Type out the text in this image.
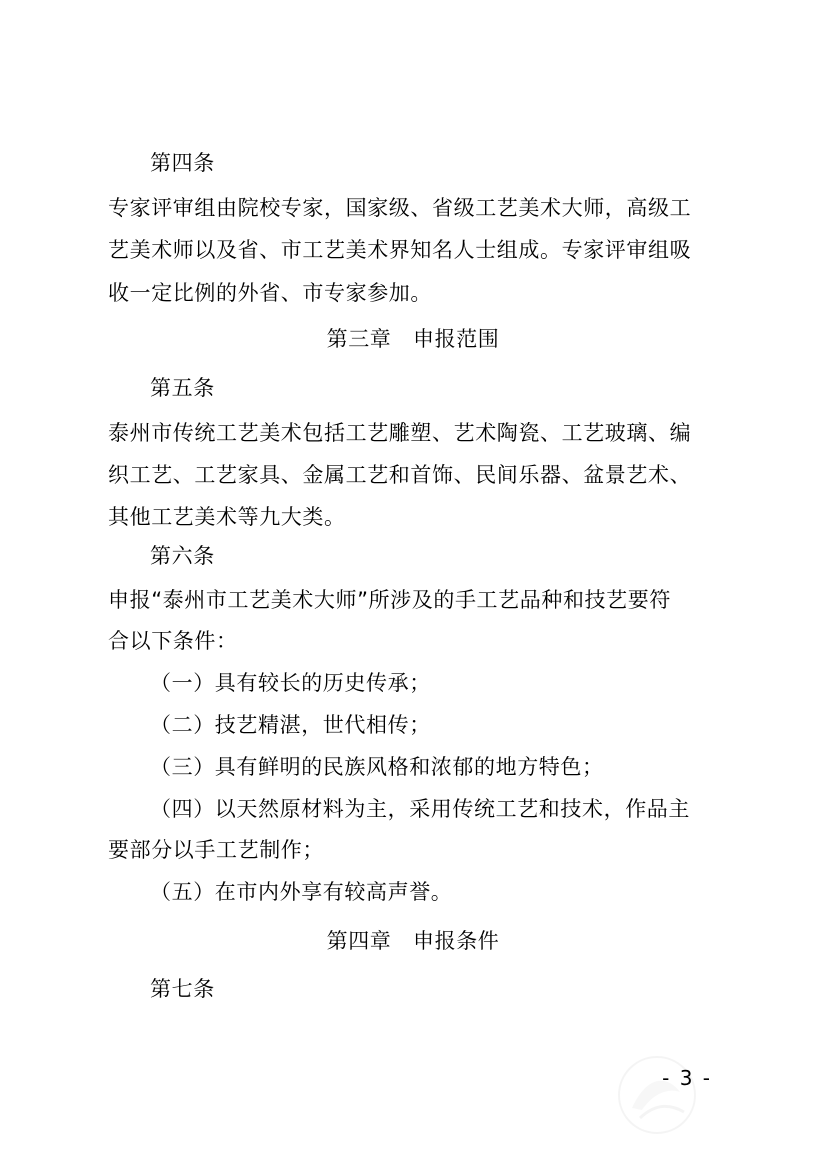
第四条
专家评审组由院校专家，国家级、省级工艺美术大师，高级工
艺美术师以及省、市工艺美术界知名人士组成。专家评审组吸
收一定比例的外省、市专家参加。
第三章　申报范围
第五条
泰州市传统工艺美术包括工艺雕塑、艺术陶瓷、工艺玻璃、编
织工艺、工艺家具、金属工艺和首饰、民间乐器、盆景艺术、
其他工艺美术等九大类。
第六条
申报“泰州市工艺美术大师”所涉及的手工艺品种和技艺要符
合以下条件：
（一）具有较长的历史传承；
（二）技艺精湛，世代相传；
（三）具有鲜明的民族风格和浓郁的地方特色；
（四）以天然原材料为主，采用传统工艺和技术，作品主
要部分以手工艺制作；
（五）在市内外享有较高声誉。
第四章　申报条件
第七条
- 3 -
